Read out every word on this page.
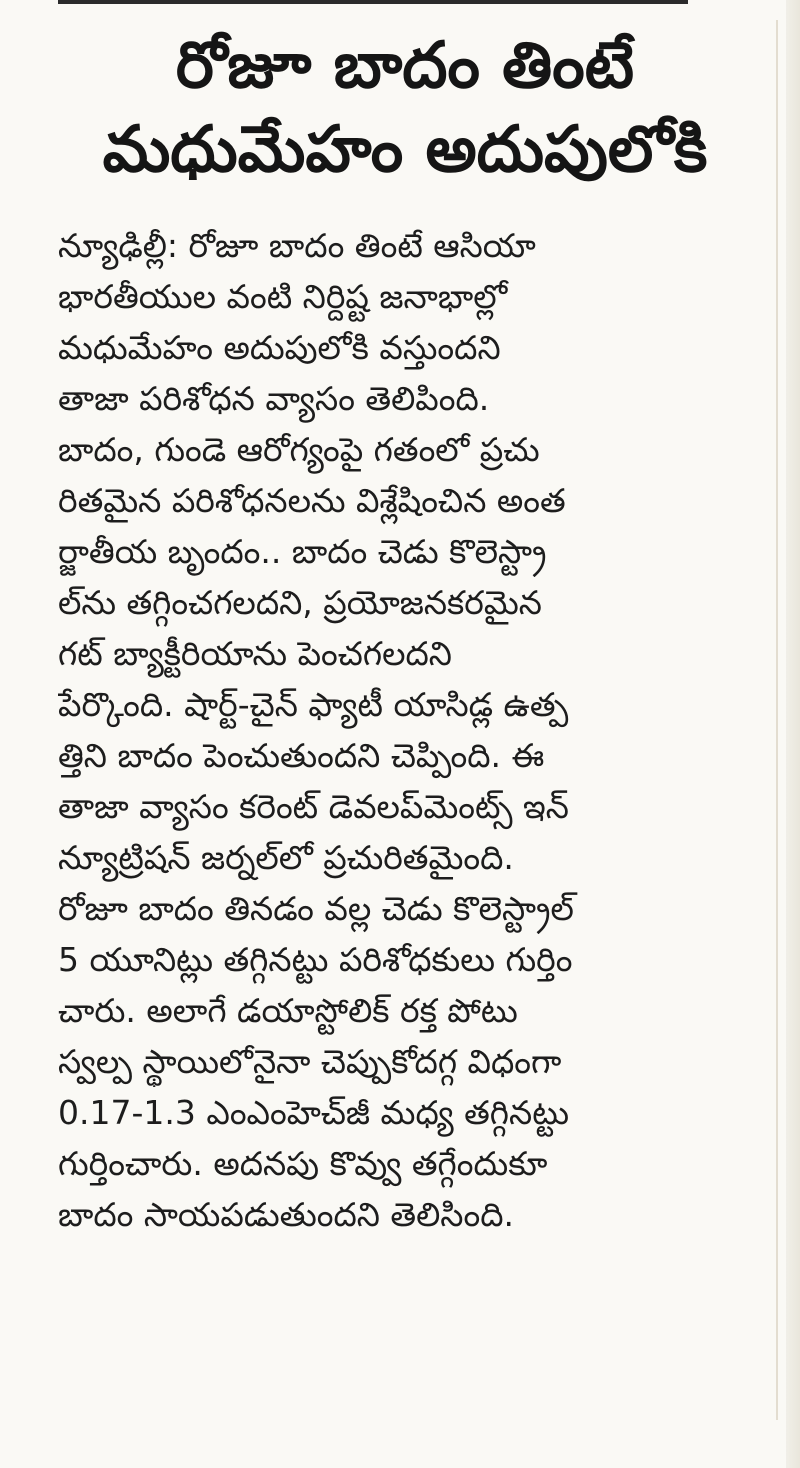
రోజూ బాదం తింటే
మధుమేహం అదుపులోకి
న్యూఢిల్లీ: రోజూ బాదం తింటే ఆసియా
భారతీయుల వంటి నిర్దిష్ట జనాభాల్లో
మధుమేహం అదుపులోకి వస్తుందని
తాజా పరిశోధన వ్యాసం తెలిపింది.
బాదం, గుండె ఆరోగ్యంపై గతంలో ప్రచు
రితమైన పరిశోధనలను విశ్లేషించిన అంత
ర్జాతీయ బృందం.. బాదం చెడు కొలెస్ట్రా
ల్‌ను తగ్గించగలదని, ప్రయోజనకరమైన
గట్ బ్యాక్టీరియాను పెంచగలదని
పేర్కొంది. షార్ట్-చైన్ ఫ్యాటీ యాసిడ్ల ఉత్ప
త్తిని బాదం పెంచుతుందని చెప్పింది. ఈ
తాజా వ్యాసం కరెంట్ డెవలప్‌మెంట్స్ ఇన్
న్యూట్రిషన్ జర్నల్‌లో ప్రచురితమైంది.
రోజూ బాదం తినడం వల్ల చెడు కొలెస్ట్రాల్
5 యూనిట్లు తగ్గినట్టు పరిశోధకులు గుర్తిం
చారు. అలాగే డయాస్టోలిక్ రక్త పోటు
స్వల్ప స్థాయిలోనైనా చెప్పుకోదగ్గ విధంగా
0.17-1.3 ఎంఎంహెచ్‌జీ మధ్య తగ్గినట్టు
గుర్తించారు. అదనపు కొవ్వు తగ్గేందుకూ
బాదం సాయపడుతుందని తెలిసింది.
